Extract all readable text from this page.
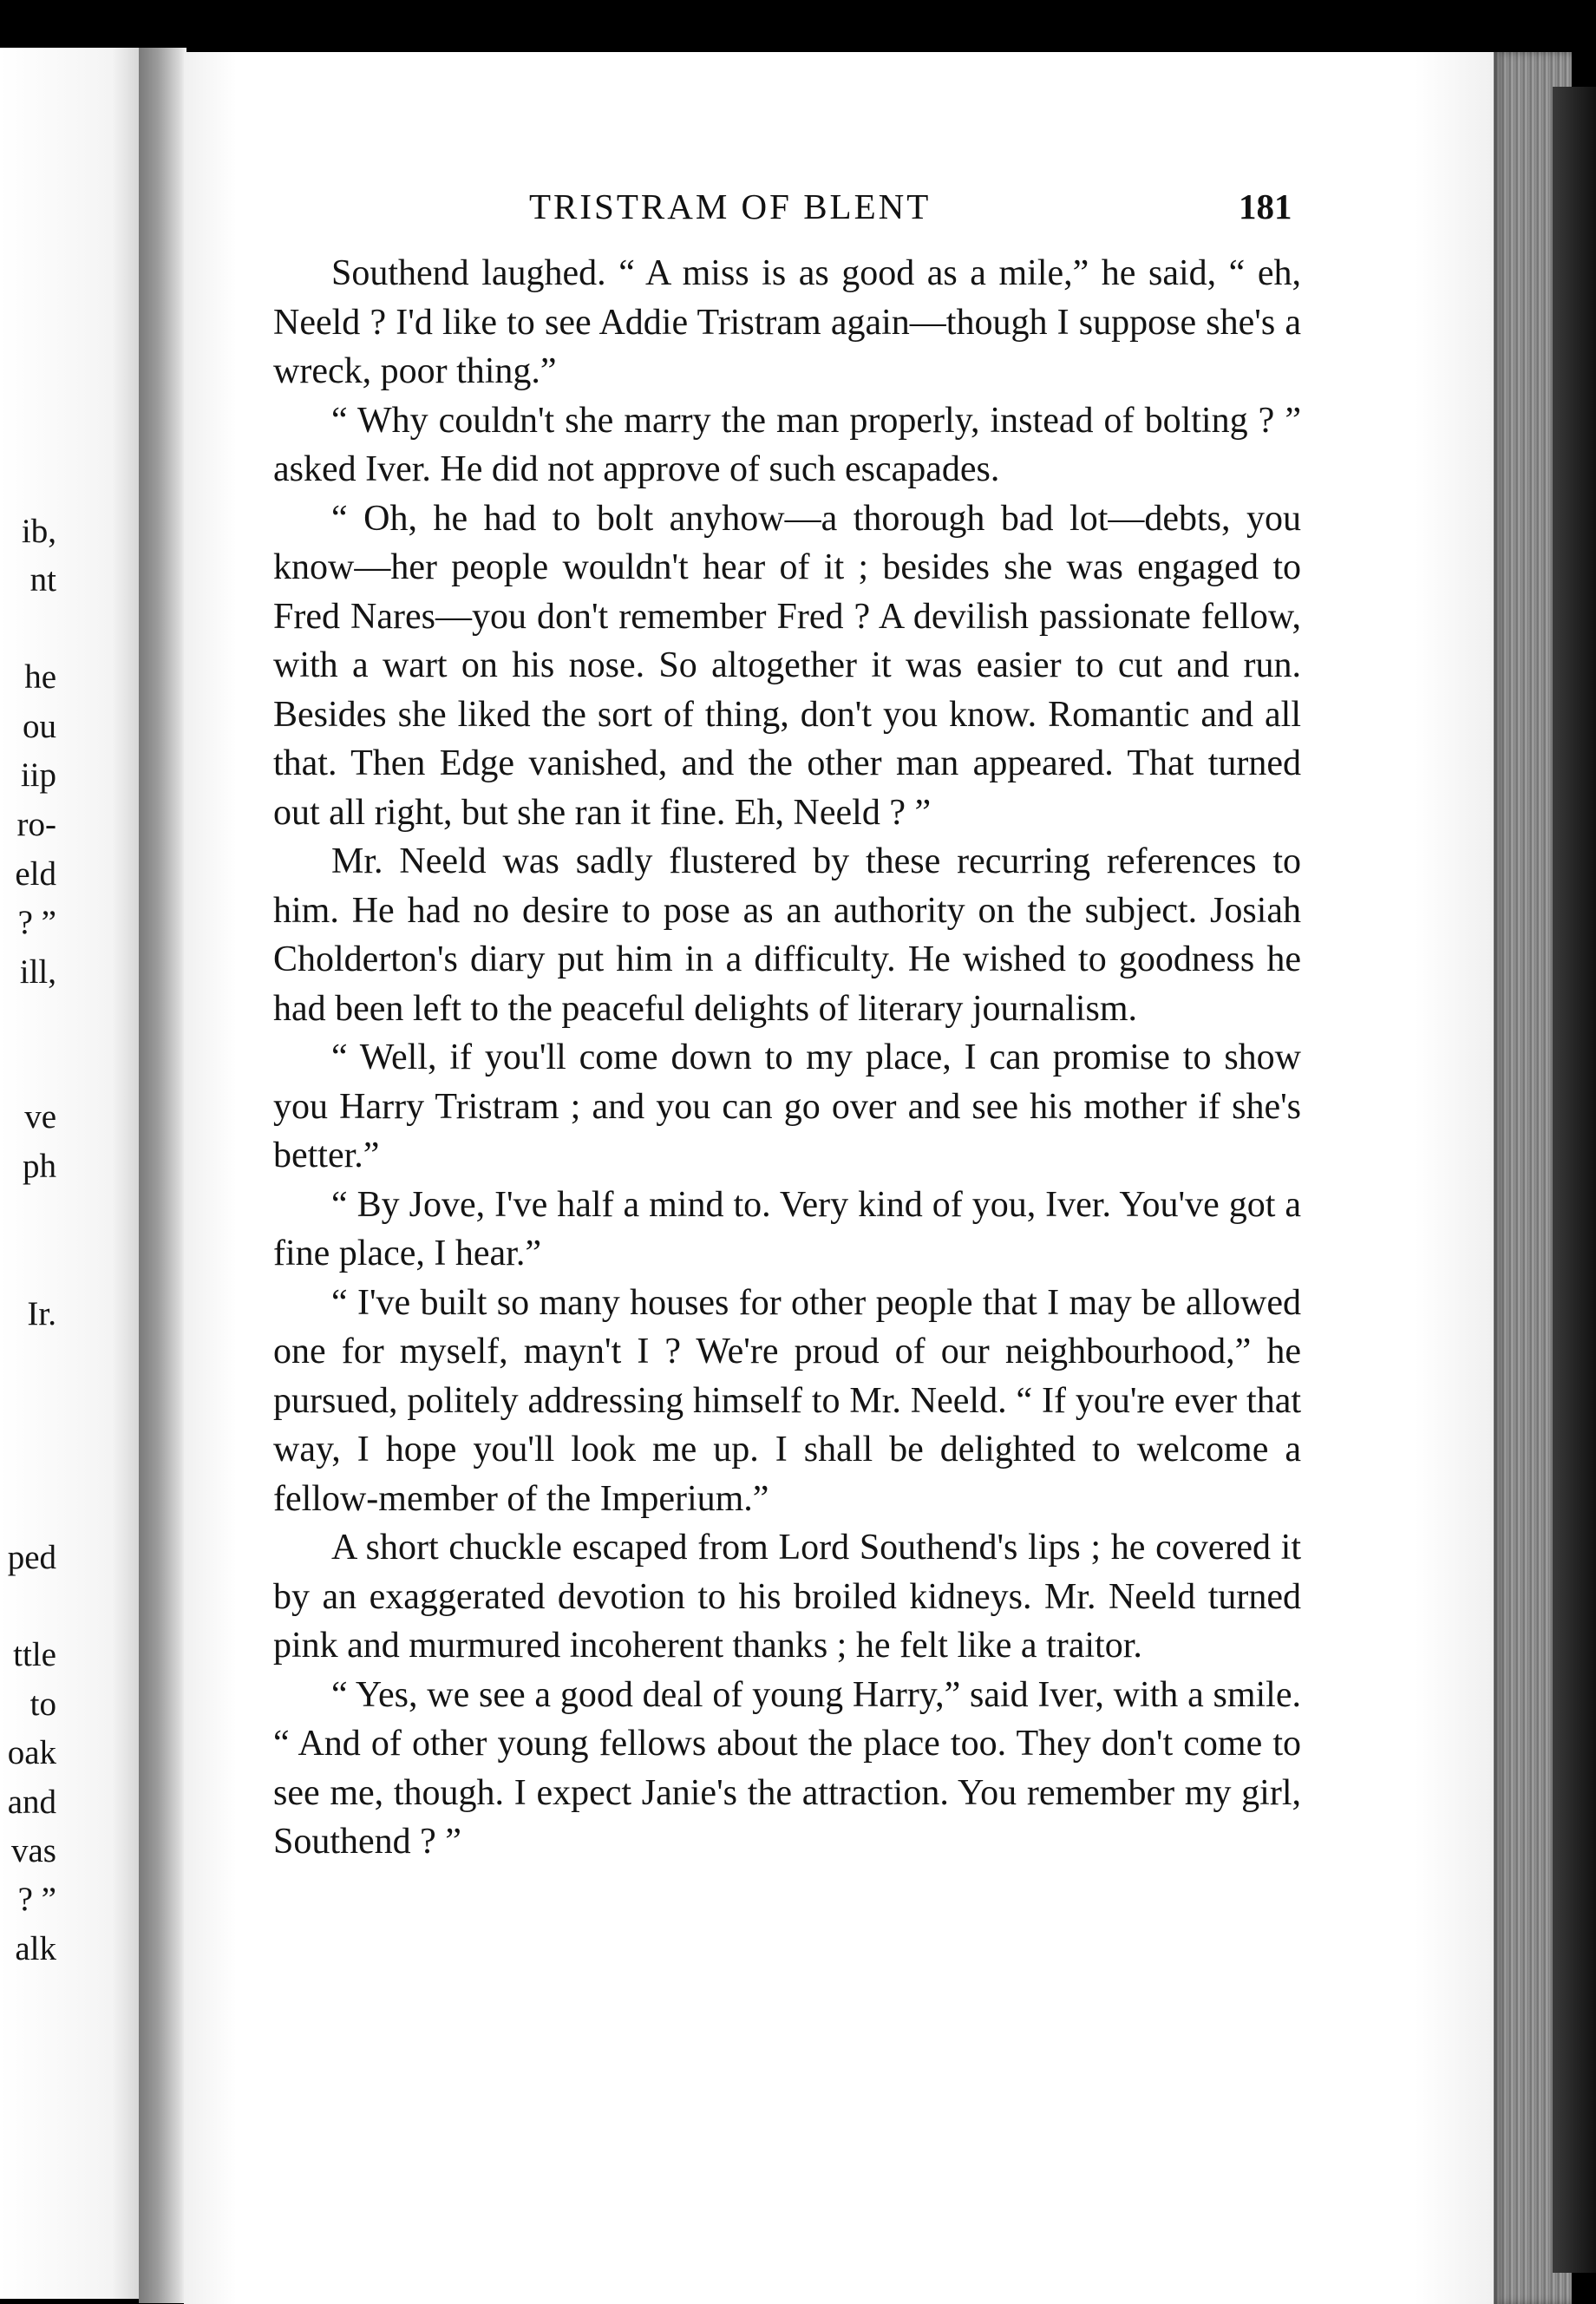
ib,
nt
he
ou
iip
ro-
eld
? ”
ill,
ve
ph
Ir.
ped
ttle
to
oak
and
vas
? ”
alk
TRISTRAM OF BLENT	181

Southend laughed. “ A miss is as good as a mile,” he said, “ eh, Neeld ? I'd like to see Addie Tristram again—though I suppose she's a wreck, poor thing.”

“ Why couldn't she marry the man properly, instead of bolting ? ” asked Iver. He did not approve of such escapades.

“ Oh, he had to bolt anyhow—a thorough bad lot—debts, you know—her people wouldn't hear of it ; besides she was engaged to Fred Nares—you don't remember Fred ? A devilish passionate fellow, with a wart on his nose. So altogether it was easier to cut and run. Besides she liked the sort of thing, don't you know. Romantic and all that. Then Edge vanished, and the other man appeared. That turned out all right, but she ran it fine. Eh, Neeld ? ”

Mr. Neeld was sadly flustered by these recurring references to him. He had no desire to pose as an authority on the subject. Josiah Cholderton's diary put him in a difficulty. He wished to goodness he had been left to the peaceful delights of literary journalism.

“ Well, if you'll come down to my place, I can promise to show you Harry Tristram ; and you can go over and see his mother if she's better.”

“ By Jove, I've half a mind to. Very kind of you, Iver. You've got a fine place, I hear.”

“ I've built so many houses for other people that I may be allowed one for myself, mayn't I ? We're proud of our neighbourhood,” he pursued, politely addressing himself to Mr. Neeld. “ If you're ever that way, I hope you'll look me up. I shall be delighted to welcome a fellow-member of the Imperium.”

A short chuckle escaped from Lord Southend's lips ; he covered it by an exaggerated devotion to his broiled kidneys. Mr. Neeld turned pink and murmured incoherent thanks ; he felt like a traitor.

“ Yes, we see a good deal of young Harry,” said Iver, with a smile. “ And of other young fellows about the place too. They don't come to see me, though. I expect Janie's the attraction. You remember my girl, Southend ? ”
